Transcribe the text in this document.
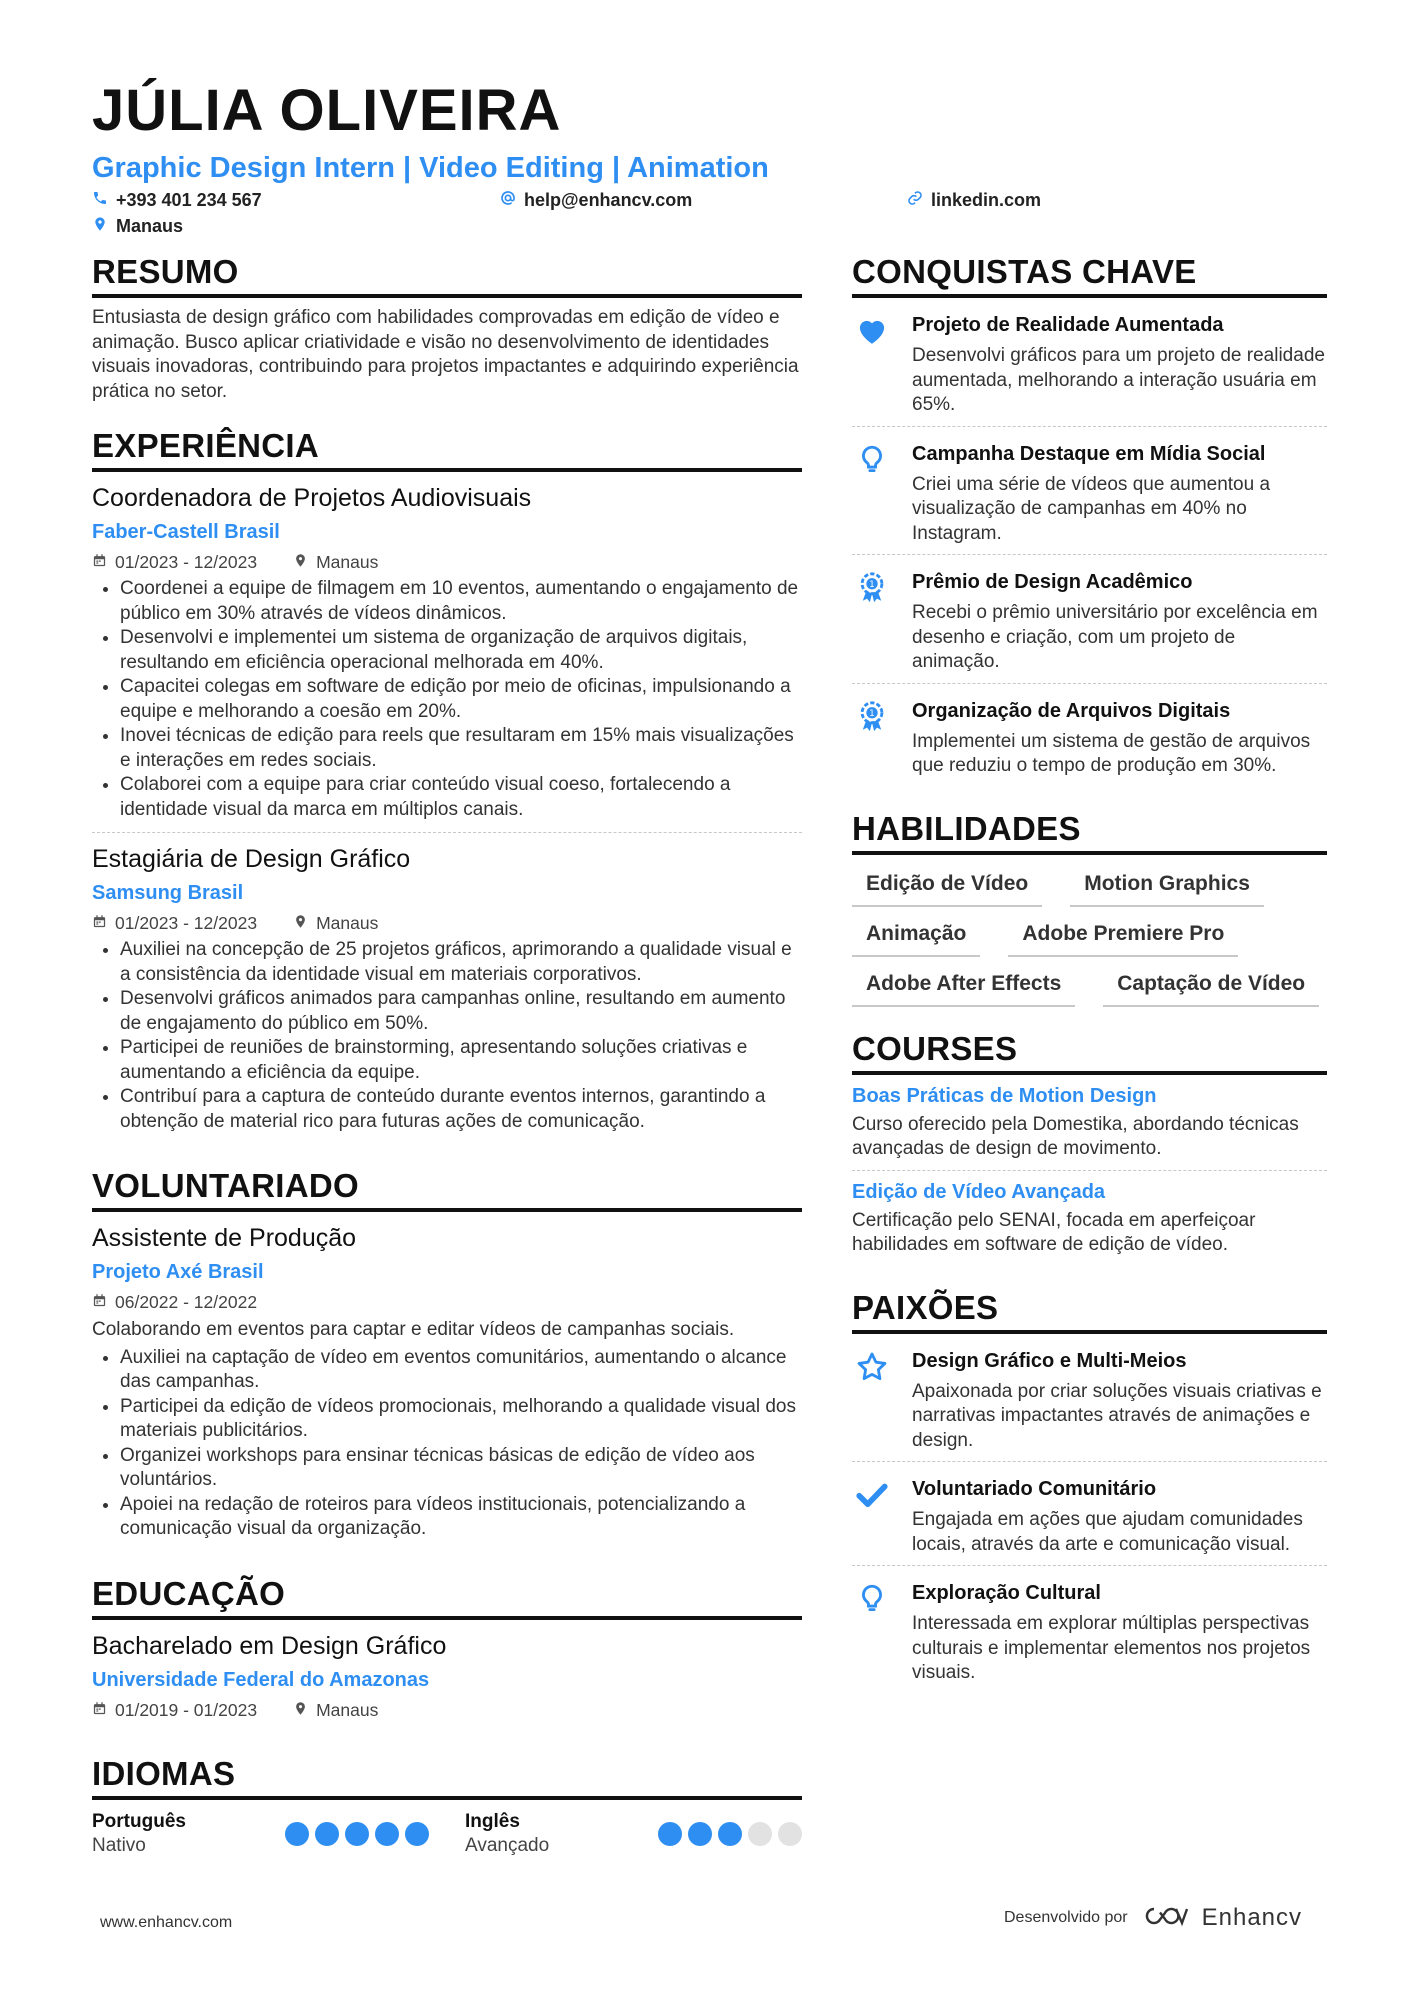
JÚLIA OLIVEIRA
Graphic Design Intern | Video Editing | Animation
+393 401 234 567	help@enhancv.com	linkedin.com
Manaus
RESUMO
Entusiasta de design gráfico com habilidades comprovadas em edição de vídeo e animação. Busco aplicar criatividade e visão no desenvolvimento de identidades visuais inovadoras, contribuindo para projetos impactantes e adquirindo experiência prática no setor.
EXPERIÊNCIA
Coordenadora de Projetos Audiovisuais
Faber-Castell Brasil
01/2023 - 12/2023	Manaus
• Coordenei a equipe de filmagem em 10 eventos, aumentando o engajamento de público em 30% através de vídeos dinâmicos.
• Desenvolvi e implementei um sistema de organização de arquivos digitais, resultando em eficiência operacional melhorada em 40%.
• Capacitei colegas em software de edição por meio de oficinas, impulsionando a equipe e melhorando a coesão em 20%.
• Inovei técnicas de edição para reels que resultaram em 15% mais visualizações e interações em redes sociais.
• Colaborei com a equipe para criar conteúdo visual coeso, fortalecendo a identidade visual da marca em múltiplos canais.
Estagiária de Design Gráfico
Samsung Brasil
01/2023 - 12/2023	Manaus
• Auxiliei na concepção de 25 projetos gráficos, aprimorando a qualidade visual e a consistência da identidade visual em materiais corporativos.
• Desenvolvi gráficos animados para campanhas online, resultando em aumento de engajamento do público em 50%.
• Participei de reuniões de brainstorming, apresentando soluções criativas e aumentando a eficiência da equipe.
• Contribuí para a captura de conteúdo durante eventos internos, garantindo a obtenção de material rico para futuras ações de comunicação.
VOLUNTARIADO
Assistente de Produção
Projeto Axé Brasil
06/2022 - 12/2022
Colaborando em eventos para captar e editar vídeos de campanhas sociais.
• Auxiliei na captação de vídeo em eventos comunitários, aumentando o alcance das campanhas.
• Participei da edição de vídeos promocionais, melhorando a qualidade visual dos materiais publicitários.
• Organizei workshops para ensinar técnicas básicas de edição de vídeo aos voluntários.
• Apoiei na redação de roteiros para vídeos institucionais, potencializando a comunicação visual da organização.
EDUCAÇÃO
Bacharelado em Design Gráfico
Universidade Federal do Amazonas
01/2019 - 01/2023	Manaus
IDIOMAS
Português
Nativo
Inglês
Avançado
CONQUISTAS CHAVE
Projeto de Realidade Aumentada
Desenvolvi gráficos para um projeto de realidade aumentada, melhorando a interação usuária em 65%.
Campanha Destaque em Mídia Social
Criei uma série de vídeos que aumentou a visualização de campanhas em 40% no Instagram.
1 Prêmio de Design Acadêmico
Recebi o prêmio universitário por excelência em desenho e criação, com um projeto de animação.
1 Organização de Arquivos Digitais
Implementei um sistema de gestão de arquivos que reduziu o tempo de produção em 30%.
HABILIDADES
Edição de Vídeo	Motion Graphics
Animação	Adobe Premiere Pro
Adobe After Effects	Captação de Vídeo
COURSES
Boas Práticas de Motion Design
Curso oferecido pela Domestika, abordando técnicas avançadas de design de movimento.
Edição de Vídeo Avançada
Certificação pelo SENAI, focada em aperfeiçoar habilidades em software de edição de vídeo.
PAIXÕES
Design Gráfico e Multi-Meios
Apaixonada por criar soluções visuais criativas e narrativas impactantes através de animações e design.
Voluntariado Comunitário
Engajada em ações que ajudam comunidades locais, através da arte e comunicação visual.
Exploração Cultural
Interessada em explorar múltiplas perspectivas culturais e implementar elementos nos projetos visuais.
www.enhancv.com	Desenvolvido por	Enhancv
